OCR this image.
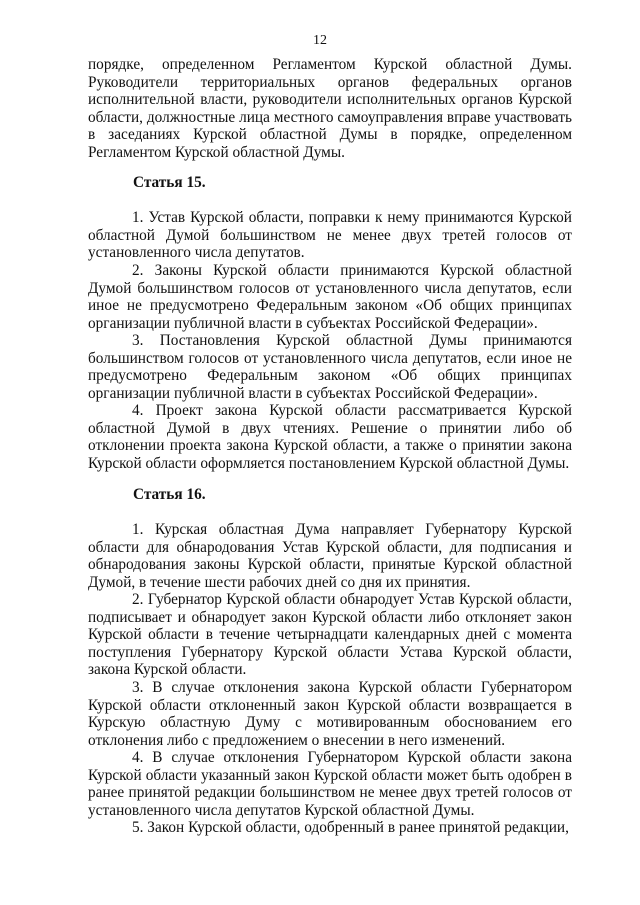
12
порядке, определенном Регламентом Курской областной Думы. Руководители территориальных органов федеральных органов исполнительной власти, руководители исполнительных органов Курской области, должностные лица местного самоуправления вправе участвовать в заседаниях Курской областной Думы в порядке, определенном Регламентом Курской областной Думы.
Статья 15.
1. Устав Курской области, поправки к нему принимаются Курской областной Думой большинством не менее двух третей голосов от установленного числа депутатов.
2. Законы Курской области принимаются Курской областной Думой большинством голосов от установленного числа депутатов, если иное не предусмотрено Федеральным законом «Об общих принципах организации публичной власти в субъектах Российской Федерации».
3. Постановления Курской областной Думы принимаются большинством голосов от установленного числа депутатов, если иное не предусмотрено Федеральным законом «Об общих принципах организации публичной власти в субъектах Российской Федерации».
4. Проект закона Курской области рассматривается Курской областной Думой в двух чтениях. Решение о принятии либо об отклонении проекта закона Курской области, а также о принятии закона Курской области оформляется постановлением Курской областной Думы.
Статья 16.
1. Курская областная Дума направляет Губернатору Курской области для обнародования Устав Курской области, для подписания и обнародования законы Курской области, принятые Курской областной Думой, в течение шести рабочих дней со дня их принятия.
2. Губернатор Курской области обнародует Устав Курской области, подписывает и обнародует закон Курской области либо отклоняет закон Курской области в течение четырнадцати календарных дней с момента поступления Губернатору Курской области Устава Курской области, закона Курской области.
3. В случае отклонения закона Курской области Губернатором Курской области отклоненный закон Курской области возвращается в Курскую областную Думу с мотивированным обоснованием его отклонения либо с предложением о внесении в него изменений.
4. В случае отклонения Губернатором Курской области закона Курской области указанный закон Курской области может быть одобрен в ранее принятой редакции большинством не менее двух третей голосов от установленного числа депутатов Курской областной Думы.
5. Закон Курской области, одобренный в ранее принятой редакции,
